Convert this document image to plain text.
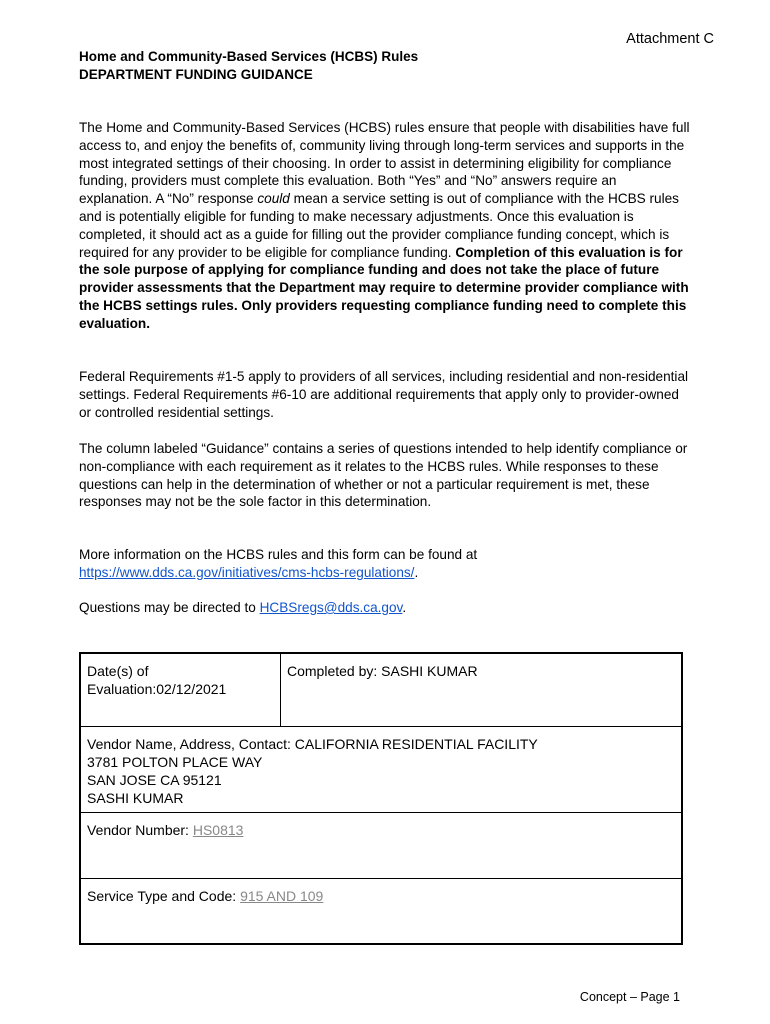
Attachment C
Home and Community-Based Services (HCBS) Rules
DEPARTMENT FUNDING GUIDANCE
The Home and Community-Based Services (HCBS) rules ensure that people with disabilities have full access to, and enjoy the benefits of, community living through long-term services and supports in the most integrated settings of their choosing. In order to assist in determining eligibility for compliance funding, providers must complete this evaluation. Both “Yes” and “No” answers require an explanation. A “No” response could mean a service setting is out of compliance with the HCBS rules and is potentially eligible for funding to make necessary adjustments. Once this evaluation is completed, it should act as a guide for filling out the provider compliance funding concept, which is required for any provider to be eligible for compliance funding. Completion of this evaluation is for the sole purpose of applying for compliance funding and does not take the place of future provider assessments that the Department may require to determine provider compliance with the HCBS settings rules. Only providers requesting compliance funding need to complete this evaluation.
Federal Requirements #1-5 apply to providers of all services, including residential and non-residential settings. Federal Requirements #6-10 are additional requirements that apply only to provider-owned or controlled residential settings.
The column labeled “Guidance” contains a series of questions intended to help identify compliance or non-compliance with each requirement as it relates to the HCBS rules. While responses to these questions can help in the determination of whether or not a particular requirement is met, these responses may not be the sole factor in this determination.
More information on the HCBS rules and this form can be found at
https://www.dds.ca.gov/initiatives/cms-hcbs-regulations/.
Questions may be directed to HCBSregs@dds.ca.gov.
Date(s) of
Evaluation:02/12/2021
Completed by: SASHI KUMAR
Vendor Name, Address, Contact: CALIFORNIA RESIDENTIAL FACILITY
3781 POLTON PLACE WAY
SAN JOSE CA 95121
SASHI KUMAR
Vendor Number: HS0813
Service Type and Code: 915 AND 109
Concept – Page 1
